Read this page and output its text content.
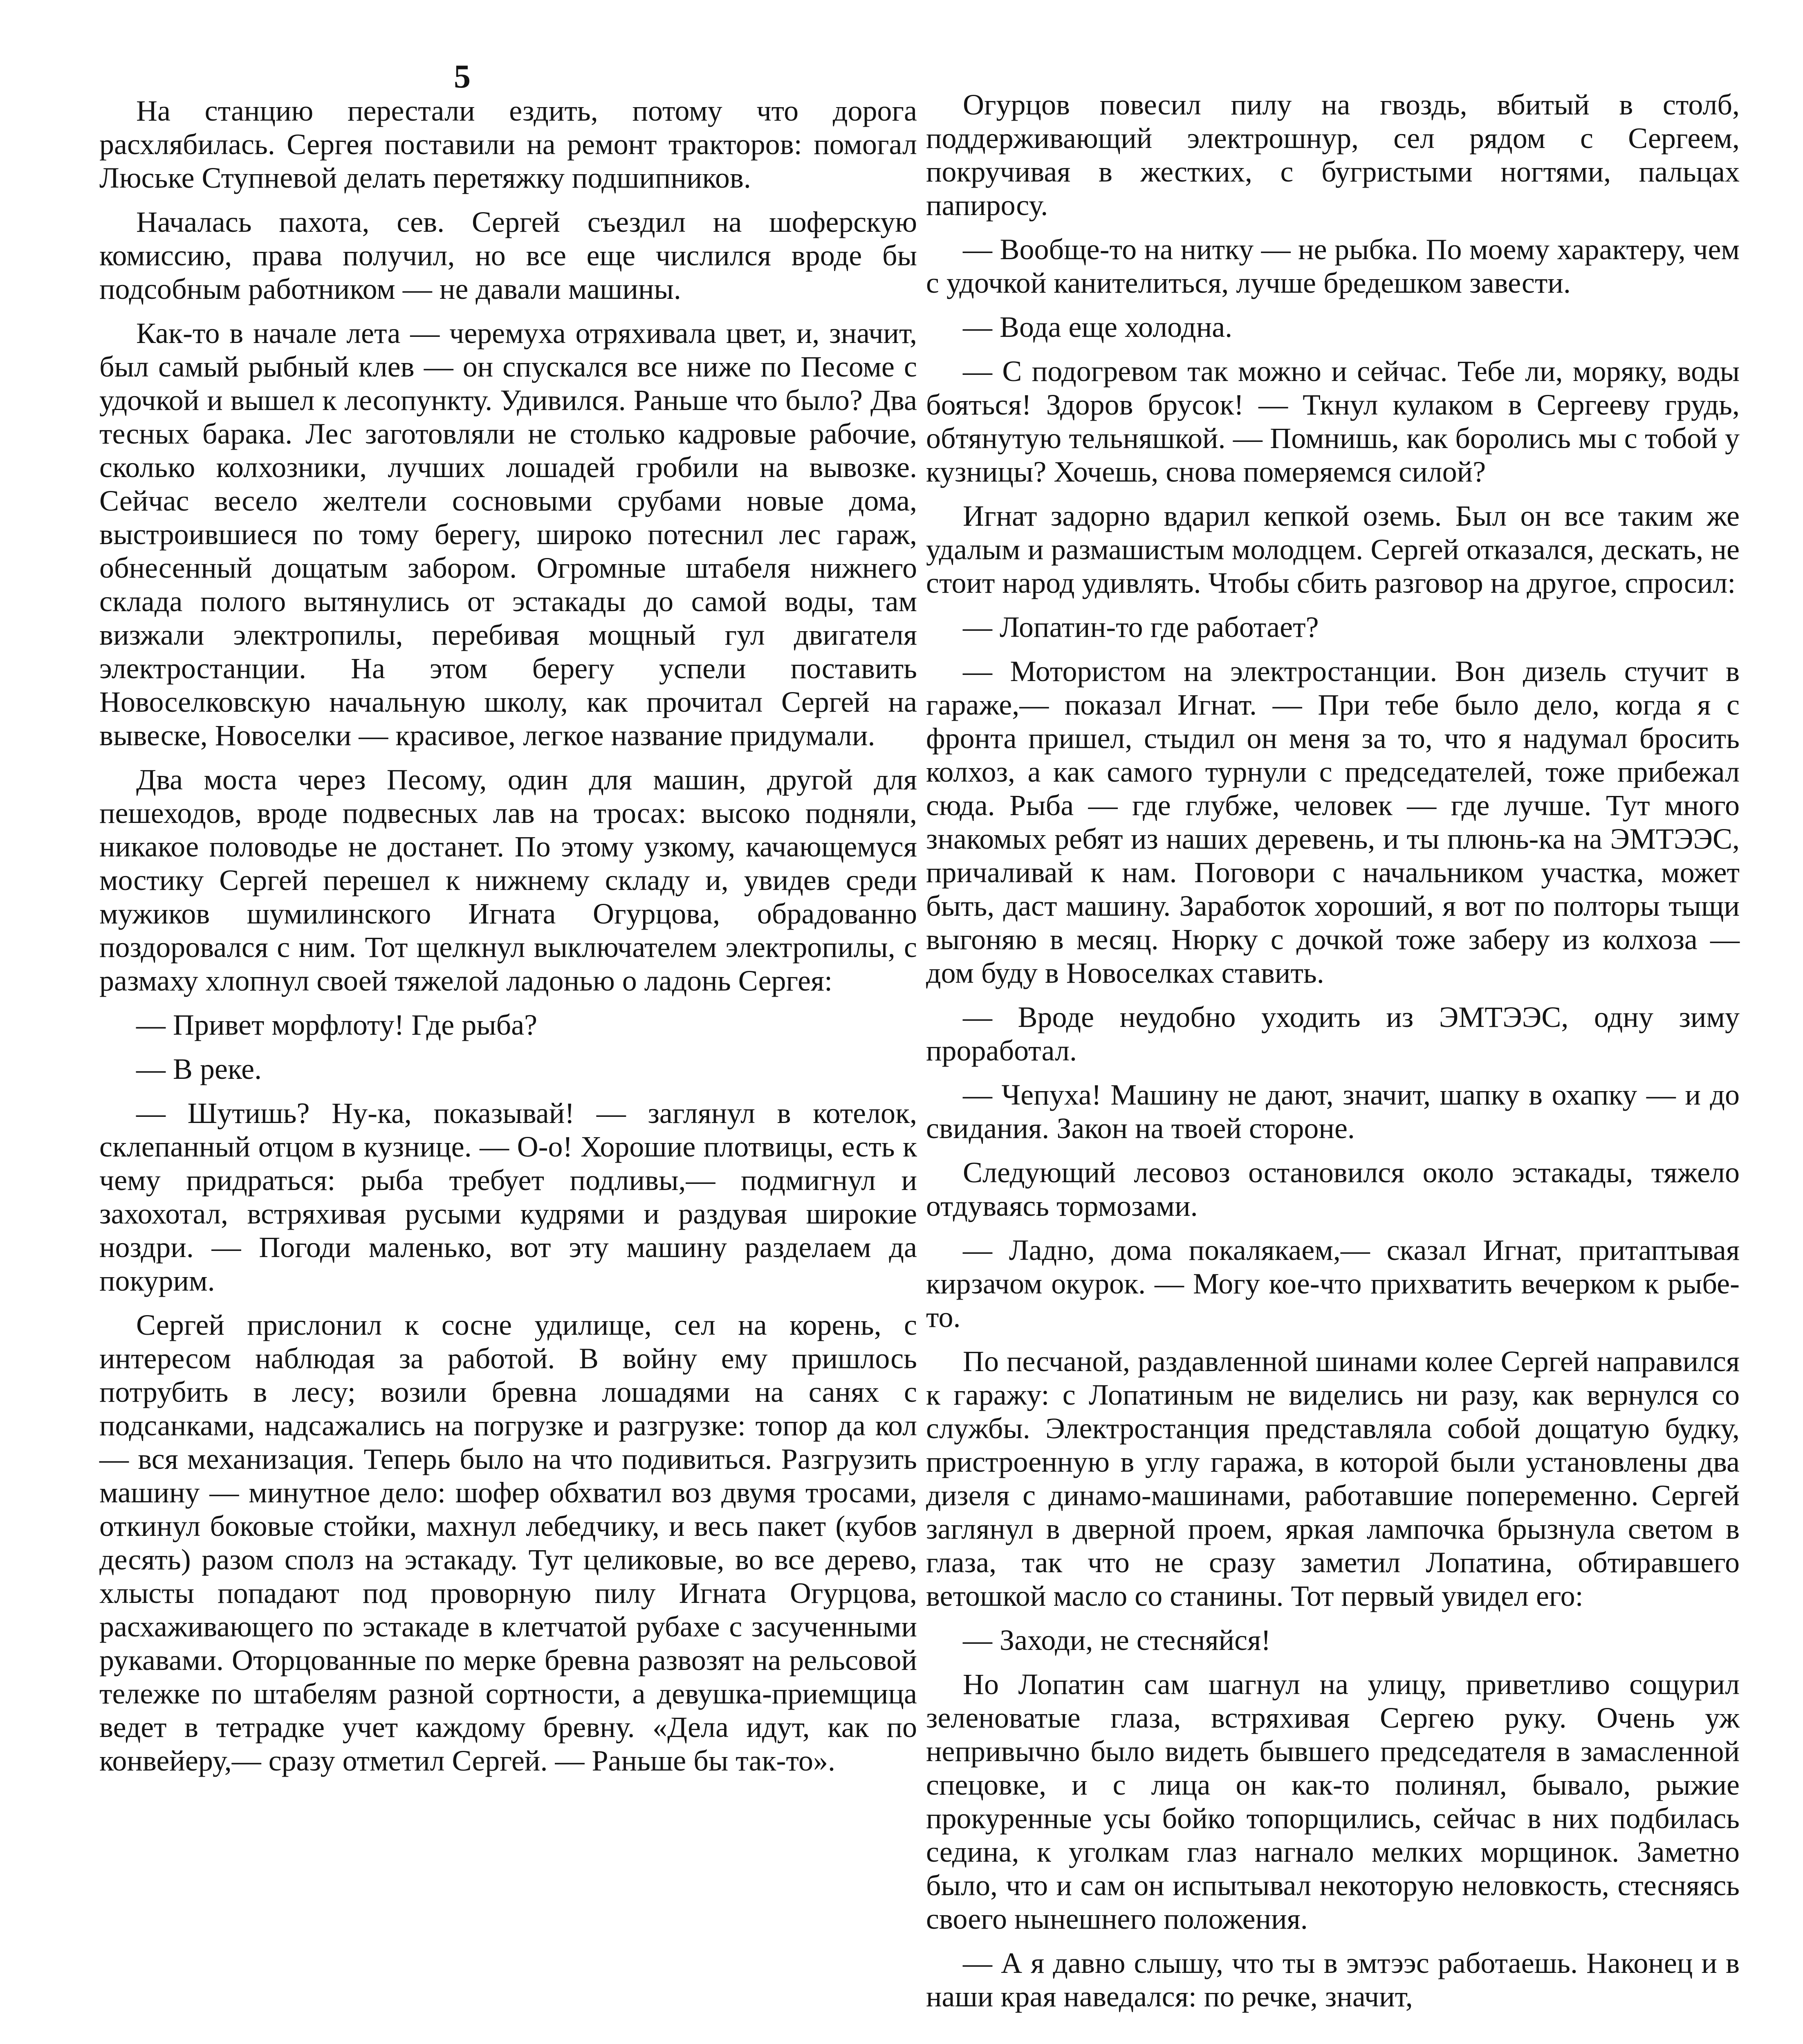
5

На станцию перестали ездить, потому что дорога расхлябилась. Сергея поставили на ремонт тракторов: помогал Люське Ступневой делать перетяжку подшипников.

Началась пахота, сев. Сергей съездил на шоферскую комиссию, права получил, но все еще числился вроде бы подсобным работником — не давали машины.

Как-то в начале лета — черемуха отряхивала цвет, и, значит, был самый рыбный клев — он спускался все ниже по Песоме с удочкой и вышел к лесопункту. Удивился. Раньше что было? Два тесных барака. Лес заготовляли не столько кадровые рабочие, сколько колхозники, лучших лошадей гробили на вывозке. Сейчас весело желтели сосновыми срубами новые дома, выстроившиеся по тому берегу, широко потеснил лес гараж, обнесенный дощатым забором. Огромные штабеля нижнего склада полого вытянулись от эстакады до самой воды, там визжали электропилы, перебивая мощный гул двигателя электростанции. На этом берегу успели поставить Новоселковскую начальную школу, как прочитал Сергей на вывеске, Новоселки — красивое, легкое название придумали.

Два моста через Песому, один для машин, другой для пешеходов, вроде подвесных лав на тросах: высоко подняли, никакое половодье не достанет. По этому узкому, качающемуся мостику Сергей перешел к нижнему складу и, увидев среди мужиков шумилинского Игната Огурцова, обрадованно поздоровался с ним. Тот щелкнул выключателем электропилы, с размаху хлопнул своей тяжелой ладонью о ладонь Сергея:

— Привет морфлоту! Где рыба?

— В реке.

— Шутишь? Ну-ка, показывай! — заглянул в котелок, склепанный отцом в кузнице. — О-о! Хорошие плотвицы, есть к чему придраться: рыба требует подливы,— подмигнул и захохотал, встряхивая русыми кудрями и раздувая широкие ноздри. — Погоди маленько, вот эту машину разделаем да покурим.

Сергей прислонил к сосне удилище, сел на корень, с интересом наблюдая за работой. В войну ему пришлось потрубить в лесу; возили бревна лошадями на санях с подсанками, надсажались на погрузке и разгрузке: топор да кол — вся механизация. Теперь было на что подивиться. Разгрузить машину — минутное дело: шофер обхватил воз двумя тросами, откинул боковые стойки, махнул лебедчику, и весь пакет (кубов десять) разом сполз на эстакаду. Тут целиковые, во все дерево, хлысты попадают под проворную пилу Игната Огурцова, расхаживающего по эстакаде в клетчатой рубахе с засученными рукавами. Оторцованные по мерке бревна развозят на рельсовой тележке по штабелям разной сортности, а девушка-приемщица ведет в тетрадке учет каждому бревну. «Дела идут, как по конвейеру,— сразу отметил Сергей. — Раньше бы так-то».

Огурцов повесил пилу на гвоздь, вбитый в столб, поддерживающий электрошнур, сел рядом с Сергеем, покручивая в жестких, с бугристыми ногтями, пальцах папиросу.

— Вообще-то на нитку — не рыбка. По моему характеру, чем с удочкой канителиться, лучше бредешком завести.

— Вода еще холодна.

— С подогревом так можно и сейчас. Тебе ли, моряку, воды бояться! Здоров брусок! — Ткнул кулаком в Сергееву грудь, обтянутую тельняшкой. — Помнишь, как боролись мы с тобой у кузницы? Хочешь, снова померяемся силой?

Игнат задорно вдарил кепкой оземь. Был он все таким же удалым и размашистым молодцем. Сергей отказался, дескать, не стоит народ удивлять. Чтобы сбить разговор на другое, спросил:

— Лопатин-то где работает?

— Мотористом на электростанции. Вон дизель стучит в гараже,— показал Игнат. — При тебе было дело, когда я с фронта пришел, стыдил он меня за то, что я надумал бросить колхоз, а как самого турнули с председателей, тоже прибежал сюда. Рыба — где глубже, человек — где лучше. Тут много знакомых ребят из наших деревень, и ты плюнь-ка на ЭМТЭЭС, причаливай к нам. Поговори с начальником участка, может быть, даст машину. Заработок хороший, я вот по полторы тыщи выгоняю в месяц. Нюрку с дочкой тоже заберу из колхоза — дом буду в Новоселках ставить.

— Вроде неудобно уходить из ЭМТЭЭС, одну зиму проработал.

— Чепуха! Машину не дают, значит, шапку в охапку — и до свидания. Закон на твоей стороне.

Следующий лесовоз остановился около эстакады, тяжело отдуваясь тормозами.

— Ладно, дома покалякаем,— сказал Игнат, притаптывая кирзачом окурок. — Могу кое-что прихватить вечерком к рыбе-то.

По песчаной, раздавленной шинами колее Сергей направился к гаражу: с Лопатиным не виделись ни разу, как вернулся со службы. Электростанция представляла собой дощатую будку, пристроенную в углу гаража, в которой были установлены два дизеля с динамо-машинами, работавшие попеременно. Сергей заглянул в дверной проем, яркая лампочка брызнула светом в глаза, так что не сразу заметил Лопатина, обтиравшего ветошкой масло со станины. Тот первый увидел его:

— Заходи, не стесняйся!

Но Лопатин сам шагнул на улицу, приветливо сощурил зеленоватые глаза, встряхивая Сергею руку. Очень уж непривычно было видеть бывшего председателя в замасленной спецовке, и с лица он как-то полинял, бывало, рыжие прокуренные усы бойко топорщились, сейчас в них подбилась седина, к уголкам глаз нагнало мелких морщинок. Заметно было, что и сам он испытывал некоторую неловкость, стесняясь своего нынешнего положения.

— А я давно слышу, что ты в эмтээс работаешь. Наконец и в наши края наведался: по речке, значит,
